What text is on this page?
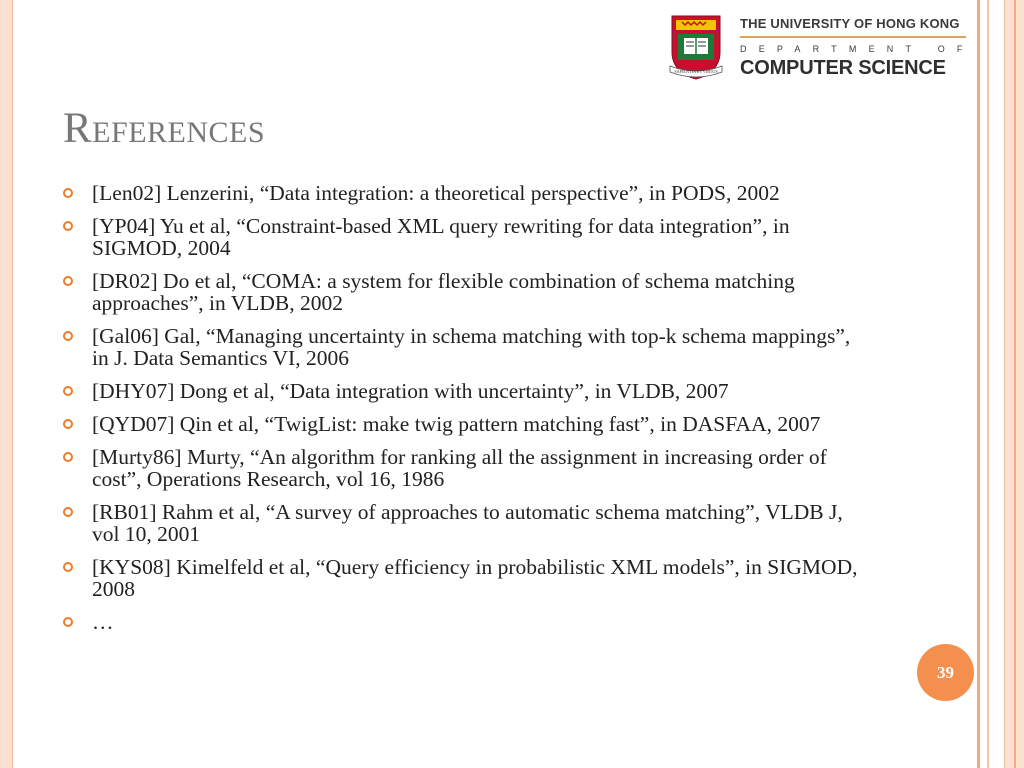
SAPIENTIA ET VIRTUS
THE UNIVERSITY OF HONG KONG
DEPARTMENT OF
COMPUTER SCIENCE
References
[Len02] Lenzerini, “Data integration: a theoretical perspective”, in PODS, 2002
[YP04] Yu et al, “Constraint-based XML query rewriting for data integration”, in SIGMOD, 2004
[DR02] Do et al, “COMA: a system for flexible combination of schema matching approaches”, in VLDB, 2002
[Gal06] Gal, “Managing uncertainty in schema matching with top-k schema mappings”, in J. Data Semantics VI, 2006
[DHY07] Dong et al, “Data integration with uncertainty”, in VLDB, 2007
[QYD07] Qin et al, “TwigList: make twig pattern matching fast”, in DASFAA, 2007
[Murty86] Murty, “An algorithm for ranking all the assignment in increasing order of cost”, Operations Research, vol 16, 1986
[RB01] Rahm et al, “A survey of approaches to automatic schema matching”, VLDB J, vol 10, 2001
[KYS08] Kimelfeld et al, “Query efficiency in probabilistic XML models”, in SIGMOD, 2008
…
39
